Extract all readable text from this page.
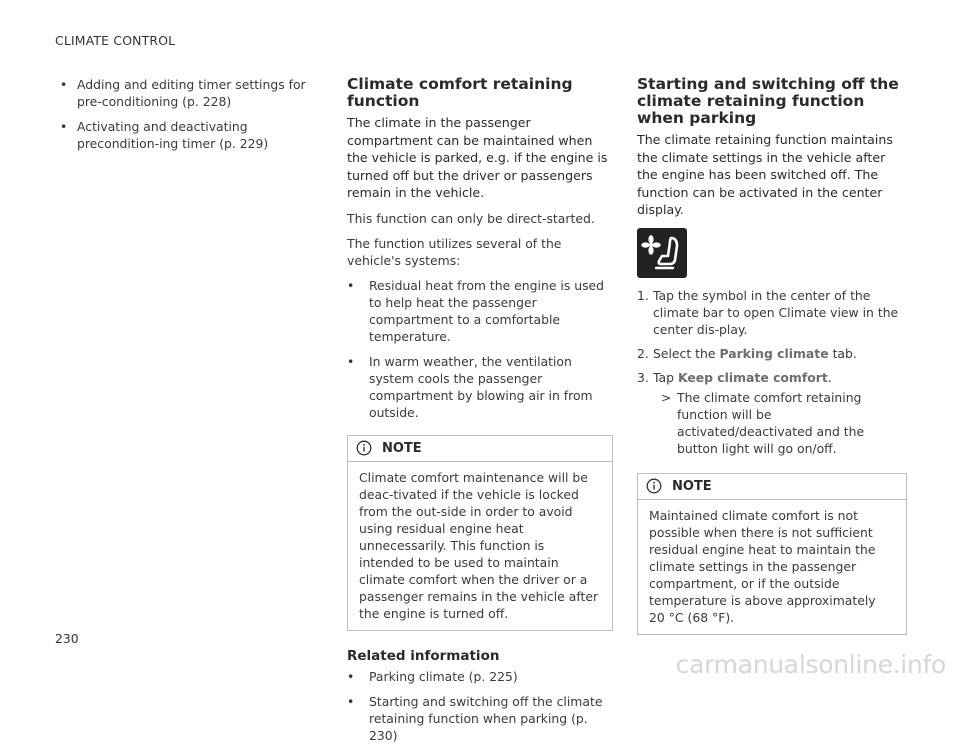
CLIMATE CONTROL
• Adding and editing timer settings for pre-conditioning (p. 228)
• Activating and deactivating precondition-ing timer (p. 229)
Climate comfort retaining function
The climate in the passenger compartment can be maintained when the vehicle is parked, e.g. if the engine is turned off but the driver or passengers remain in the vehicle.

This function can only be direct-started.

The function utilizes several of the vehicle's systems:

• Residual heat from the engine is used to help heat the passenger compartment to a comfortable temperature.
• In warm weather, the ventilation system cools the passenger compartment by blowing air in from outside.
NOTE
Climate comfort maintenance will be deac-tivated if the vehicle is locked from the out-side in order to avoid using residual engine heat unnecessarily. This function is intended to be used to maintain climate comfort when the driver or a passenger remains in the vehicle after the engine is turned off.
Related information
• Parking climate (p. 225)
• Starting and switching off the climate retaining function when parking (p. 230)
Starting and switching off the climate retaining function when parking
The climate retaining function maintains the climate settings in the vehicle after the engine has been switched off. The function can be activated in the center display.
1. Tap the symbol in the center of the climate bar to open Climate view in the center dis-play.
2. Select the Parking climate tab.
3. Tap Keep climate comfort.
> The climate comfort retaining function will be activated/deactivated and the button light will go on/off.
NOTE
Maintained climate comfort is not possible when there is not sufficient residual engine heat to maintain the climate settings in the passenger compartment, or if the outside temperature is above approximately 20 °C (68 °F).
230
carmanualsonline.info
